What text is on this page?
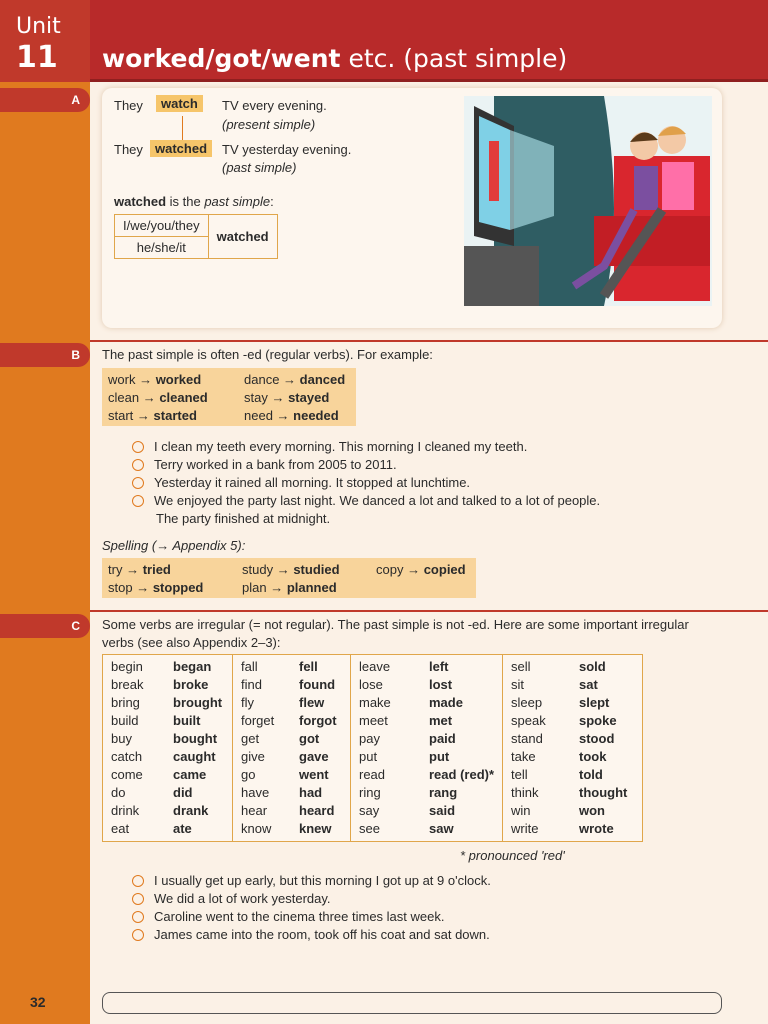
Unit
11 worked/got/went etc. (past simple)
A
B
C
They	watch	TV every evening.
(present simple)
They watched	TV yesterday evening.
(past simple)
watched is the past simple:
I/we/you/they	watched
he/she/it
The past simple is often -ed (regular verbs). For example:
work → worked	dance → danced
clean → cleaned	stay → stayed
start → started	need → needed
I clean my teeth every morning. This morning I cleaned my teeth.
Terry worked in a bank from 2005 to 2011.
Yesterday it rained all morning. It stopped at lunchtime.
We enjoyed the party last night. We danced a lot and talked to a lot of people.
The party finished at midnight.
Spelling (→ Appendix 5):
try → tried	study → studied	copy → copied
stop → stopped	plan → planned
Some verbs are irregular (= not regular). The past simple is not -ed. Here are some important irregular
verbs (see also Appendix 2–3):
begin began
break broke
bring	brought
build	built
buy	bought
catch caught
come came
do	did
drink	drank
eat	ate
fall	fell
find	found
fly	flew
forget forgot
get	got
give	gave
go	went
have had
hear heard
know knew
leave	left
lose	lost
make	made
meet	met
pay	paid
put	put
read	read (red)*
ring	rang
say	said
see	saw
sell	sold
sit	sat
sleep	slept
speak	spoke
stand	stood
take	took
tell	told
think	thought
win	won
write	wrote
* pronounced 'red'
I usually get up early, but this morning I got up at 9 o'clock.
We did a lot of work yesterday.
Caroline went to the cinema three times last week.
James came into the room, took off his coat and sat down.
32
